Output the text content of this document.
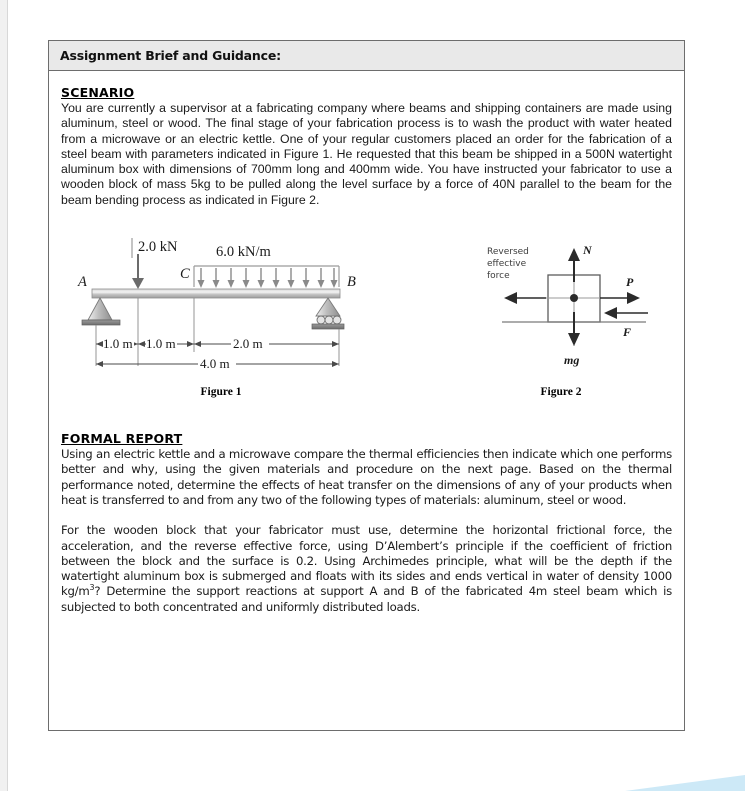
Assignment Brief and Guidance:
SCENARIO

You are currently a supervisor at a fabricating company where beams and shipping containers are made using aluminum, steel or wood. The final stage of your fabrication process is to wash the product with water heated from a microwave or an electric kettle. One of your regular customers placed an order for the fabrication of a steel beam with parameters indicated in Figure 1. He requested that this beam be shipped in a 500N watertight aluminum box with dimensions of 700mm long and 400mm wide. You have instructed your fabricator to use a wooden block of mass 5kg to be pulled along the level surface by a force of 40N parallel to the beam for the beam bending process as indicated in Figure 2.

2.0 kN	6.0 kN/m
C
A	B
1.0 m 1.0 m	2.0 m
4.0 m
Reversed
effective
force
N
mg
P
F
Figure 1	Figure 2
FORMAL REPORT

Using an electric kettle and a microwave compare the thermal efficiencies then indicate which one performs better and why, using the given materials and procedure on the next page. Based on the thermal performance noted, determine the effects of heat transfer on the dimensions of any of your products when heat is transferred to and from any two of the following types of materials: aluminum, steel or wood.

For the wooden block that your fabricator must use, determine the horizontal frictional force, the acceleration, and the reverse effective force, using D’Alembert’s principle if the coefficient of friction between the block and the surface is 0.2. Using Archimedes principle, what will be the depth if the watertight aluminum box is submerged and floats with its sides and ends vertical in water of density 1000 $kg/m^3$? Determine the support reactions at support A and B of the fabricated 4m steel beam which is subjected to both concentrated and uniformly distributed loads.
